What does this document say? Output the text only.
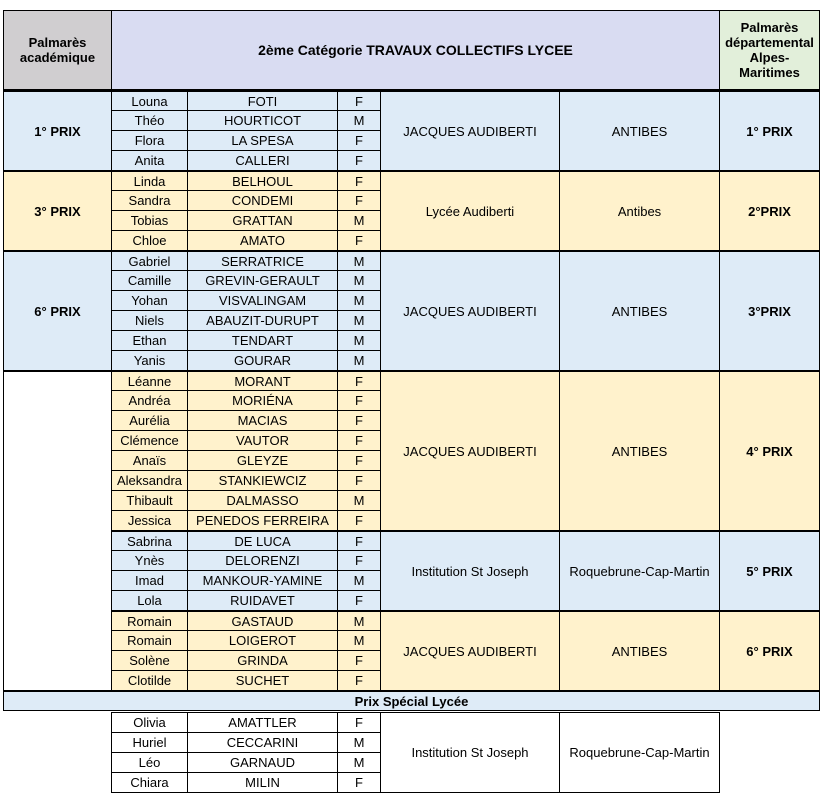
Palmarès académique	2ème Catégorie TRAVAUX COLLECTIFS LYCEE
Palmarès départemental Alpes-Maritimes
1° PRIX	JACQUES AUDIBERTI	ANTIBES	1° PRIX
Louna	FOTI	F
Théo	HOURTICOT	M
Flora	LA SPESA	F
Anita	CALLERI	F
3° PRIX	Lycée Audiberti	Antibes	2°PRIX
Linda	BELHOUL	F
Sandra	CONDEMI	F
Tobias	GRATTAN	M
Chloe	AMATO	F
6° PRIX	JACQUES AUDIBERTI	ANTIBES	3°PRIX
Gabriel	SERRATRICE	M
Camille	GREVIN-GERAULT	M
Yohan	VISVALINGAM	M
Niels	ABAUZIT-DURUPT	M
Ethan	TENDART	M
Yanis	GOURAR	M
JACQUES AUDIBERTI	ANTIBES	4° PRIX
Léanne	MORANT	F
Andréa	MORIÉNA	F
Aurélia	MACIAS	F
Clémence	VAUTOR	F
Anaïs	GLEYZE	F
Aleksandra	STANKIEWCIZ	F
Thibault	DALMASSO	M
Jessica	PENEDOS FERREIRA	F
Institution St Joseph	Roquebrune-Cap-Martin	5° PRIX
Sabrina	DE LUCA	F
Ynès	DELORENZI	F
Imad	MANKOUR-YAMINE	M
Lola	RUIDAVET	F
JACQUES AUDIBERTI	ANTIBES	6° PRIX
Romain	GASTAUD	M
Romain	LOIGEROT	M
Solène	GRINDA	F
Clotilde	SUCHET	F
Prix Spécial Lycée
Institution St Joseph	Roquebrune-Cap-Martin
Olivia	AMATTLER	F
Huriel	CECCARINI	M
Léo	GARNAUD	M
Chiara	MILIN	F
